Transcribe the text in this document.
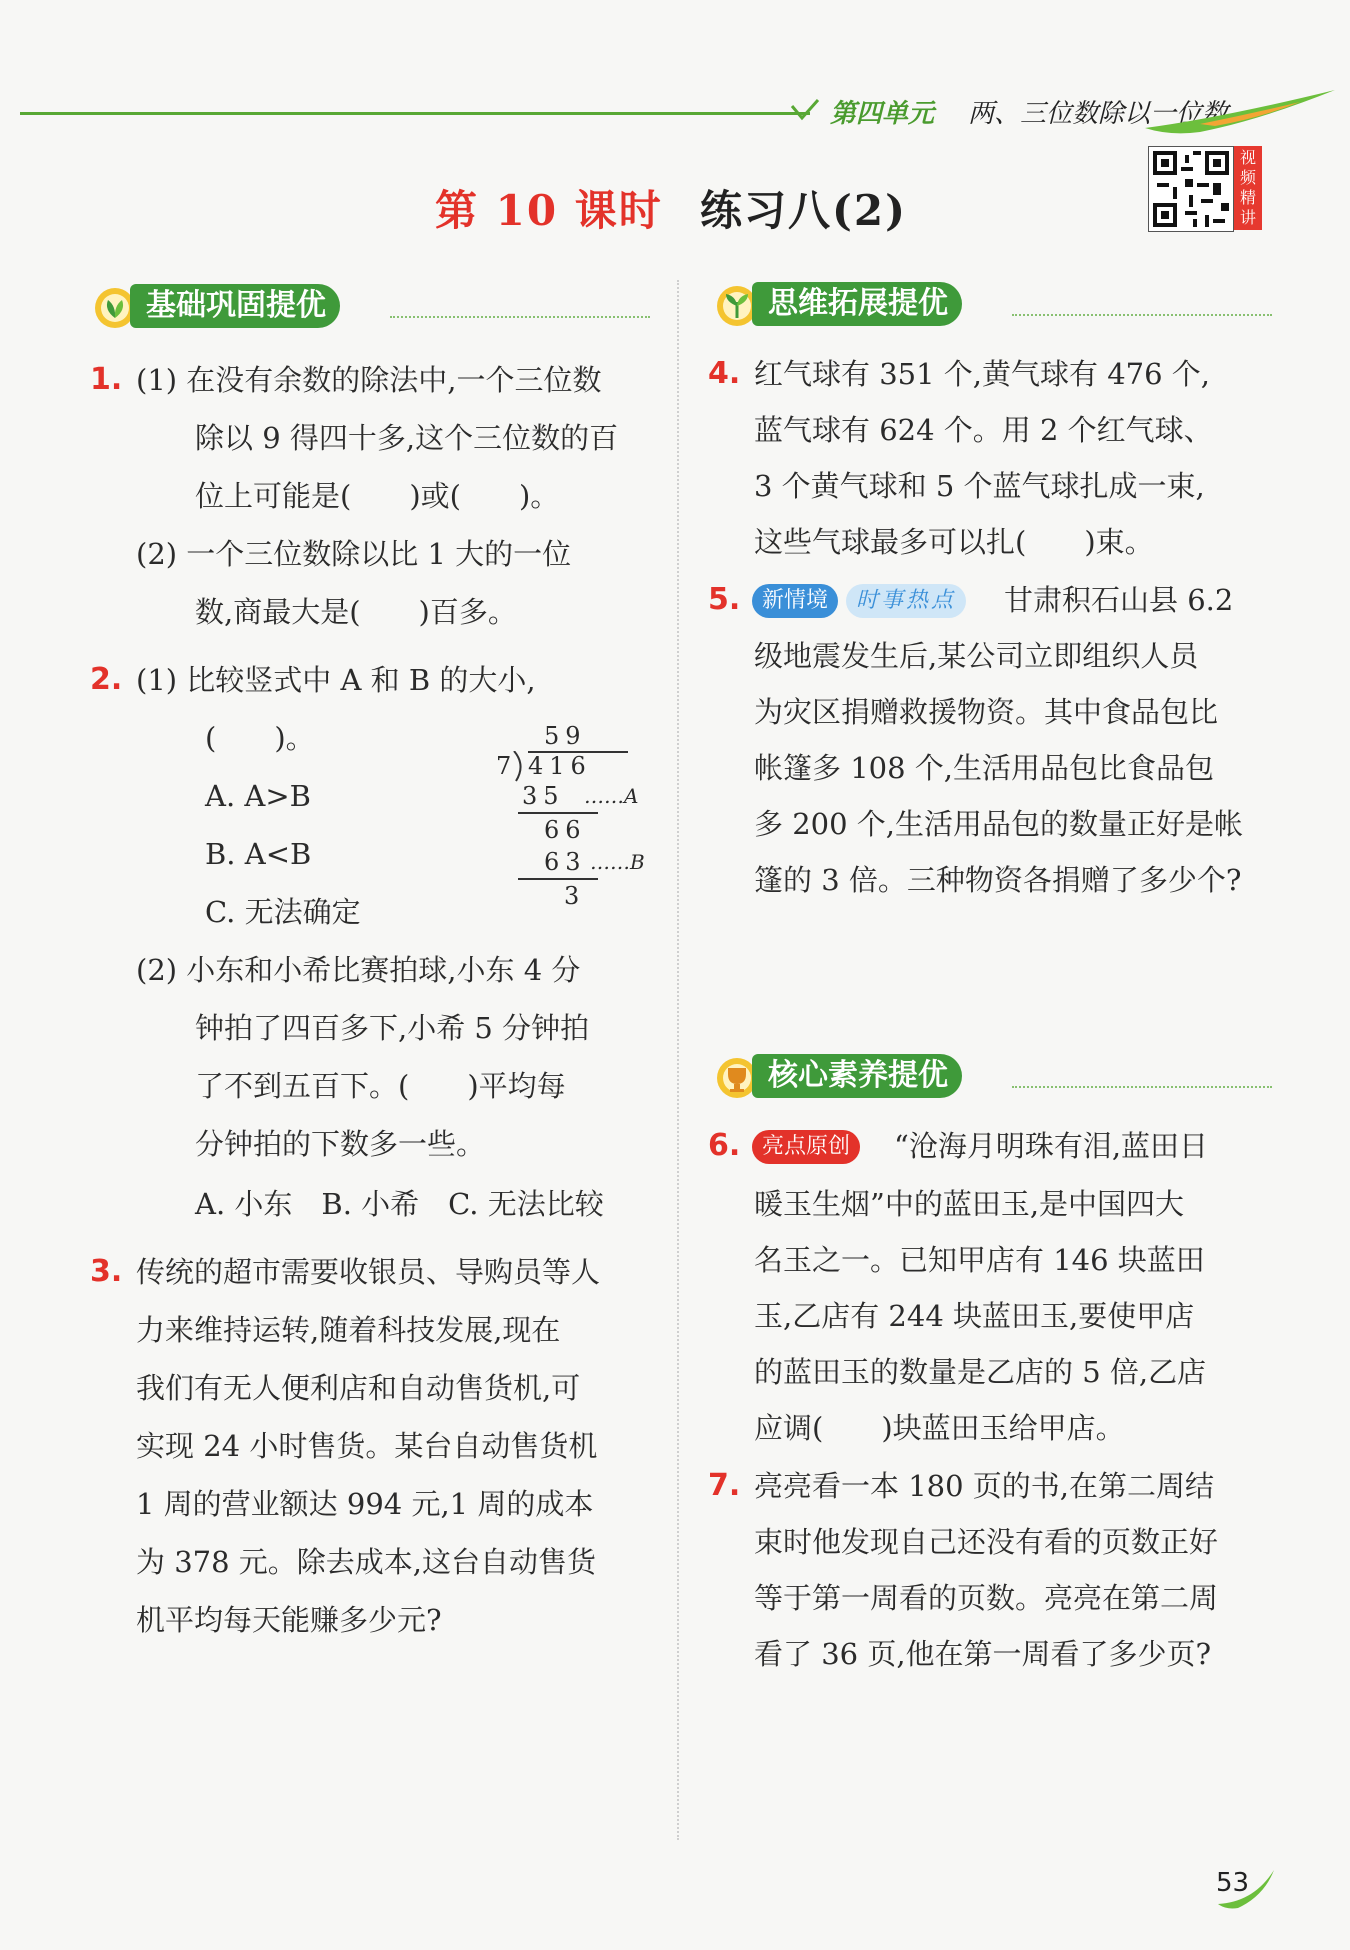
第四单元 两、三位数除以一位数
第 10 课时 练习八(2)
视频精讲
基础巩固提优	思维拓展提优
核心素养提优
1. (1) 在没有余数的除法中,一个三位数
除以 9 得四十多,这个三位数的百
位上可能是(　　)或(　　)。
(2) 一个三位数除以比 1 大的一位
数,商最大是(　　)百多。
2. (1) 比较竖式中 A 和 B 的大小,
(　　)。
A. A>B
B. A<B
C. 无法确定
59
7 416
35 ……A
66
63 ……B
3
(2) 小东和小希比赛拍球,小东 4 分
钟拍了四百多下,小希 5 分钟拍
了不到五百下。(　　)平均每
分钟拍的下数多一些。
A. 小东　B. 小希　C. 无法比较
3. 传统的超市需要收银员、导购员等人
力来维持运转,随着科技发展,现在
我们有无人便利店和自动售货机,可
实现 24 小时售货。某台自动售货机
1 周的营业额达 994 元,1 周的成本
为 378 元。除去成本,这台自动售货
机平均每天能赚多少元?
4. 红气球有 351 个,黄气球有 476 个,
蓝气球有 624 个。用 2 个红气球、
3 个黄气球和 5 个蓝气球扎成一束,
这些气球最多可以扎(　　)束。
5. 新情境	时事热点	甘肃积石山县 6.2
级地震发生后,某公司立即组织人员
为灾区捐赠救援物资。其中食品包比
帐篷多 108 个,生活用品包比食品包
多 200 个,生活用品包的数量正好是帐
篷的 3 倍。三种物资各捐赠了多少个?
6. 亮点原创	“沧海月明珠有泪,蓝田日
暖玉生烟”中的蓝田玉,是中国四大
名玉之一。已知甲店有 146 块蓝田
玉,乙店有 244 块蓝田玉,要使甲店
的蓝田玉的数量是乙店的 5 倍,乙店
应调(　　)块蓝田玉给甲店。
7. 亮亮看一本 180 页的书,在第二周结
束时他发现自己还没有看的页数正好
等于第一周看的页数。亮亮在第二周
看了 36 页,他在第一周看了多少页?
53
